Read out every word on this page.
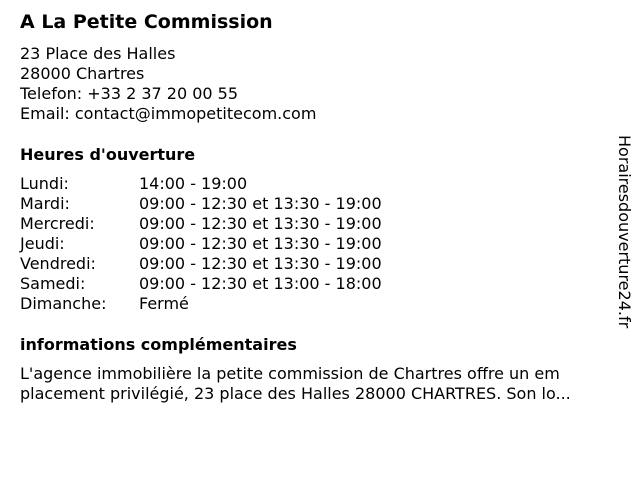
A La Petite Commission
23 Place des Halles
28000 Chartres
Telefon: +33 2 37 20 00 55
Email: contact@immopetitecom.com
Heures d'ouverture
Lundi:	14:00 - 19:00
Mardi:	09:00 - 12:30 et 13:30 - 19:00
Mercredi:	09:00 - 12:30 et 13:30 - 19:00
Jeudi:	09:00 - 12:30 et 13:30 - 19:00
Vendredi:	09:00 - 12:30 et 13:30 - 19:00
Samedi:	09:00 - 12:30 et 13:00 - 18:00
Dimanche: Fermé
informations complémentaires
L'agence immobilière la petite commission de Chartres offre un em
placement privilégié, 23 place des Halles 28000 CHARTRES. Son lo...
Horairesdouverture24.fr
